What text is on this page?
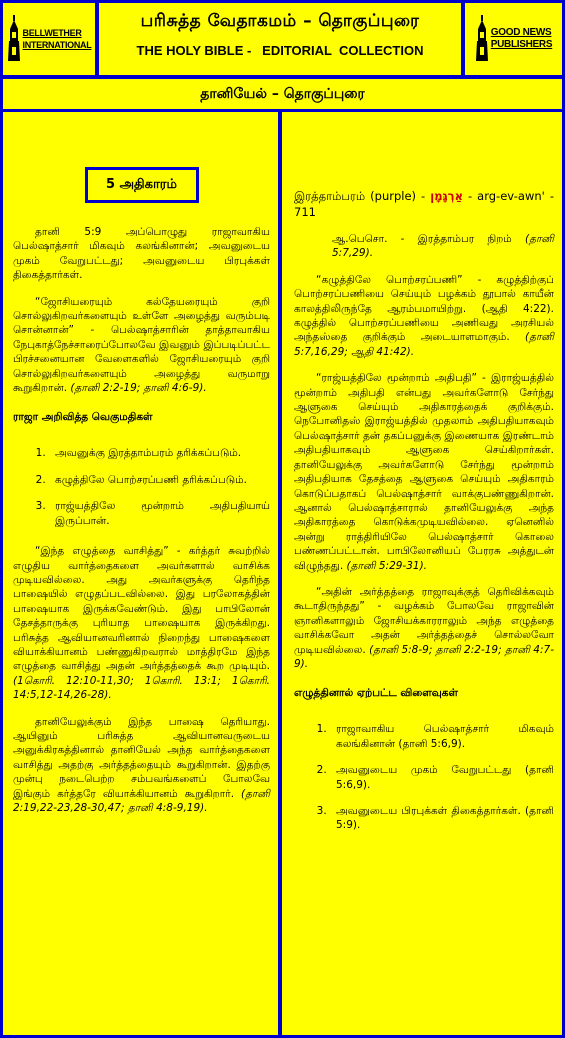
BELLWETHER
INTERNATIONAL
பரிசுத்த வேதாகமம் – தொகுப்புரை
THE HOLY BIBLE -   EDITORIAL  COLLECTION
GOOD NEWS
PUBLISHERS
தானியேல் – தொகுப்புரை
5 அதிகாரம்

தானி 5:9 அப்பொழுது ராஜாவாகிய பெல்ஷாத்சார் மிகவும் கலங்கினான்; அவனுடைய முகம் வேறுபட்டது; அவனுடைய பிரபுக்கள் திகைத்தார்கள்.

“ஜோசியரையும் கல்தேயரையும் குறி சொல்லுகிறவர்களையும் உள்ளே அழைத்து வரும்படி சொன்னான்” - பெல்ஷாத்சாரின் தாத்தாவாகிய நேபுகாத்நேச்சாரைப்போலவே இவனும் இப்படிப்பட்ட பிரச்சனையான வேளைகளில் ஜோசியரையும் குறி சொல்லுகிறவர்களையும் அழைத்து வருமாறு கூறுகிறான். (தானி 2:2-19; தானி 4:6-9).

ராஜா அறிவித்த வெகுமதிகள்
1. அவனுக்கு இரத்தாம்பரம் தரிக்கப்படும்.
2. கழுத்திலே பொற்சரப்பணி தரிக்கப்படும்.
3. ராஜ்யத்திலே மூன்றாம் அதிபதியாய் இருப்பான்.

“இந்த எழுத்தை வாசித்து” - கர்த்தர் சுவற்றில் எழுதிய வார்த்தைகளை அவர்களால் வாசிக்க முடியவில்லை. அது அவர்களுக்கு தெரிந்த பாஷையில் எழுதப்படவில்லை. இது பரலோகத்தின் பாஷையாக இருக்கவேண்டும். இது பாபிலோன் தேசத்தாருக்கு புரியாத பாஷையாக இருக்கிறது. பரிசுத்த ஆவியானவரினால் நிறைந்து பாஷைகளை வியாக்கியானம் பண்ணுகிறவரால் மாத்திரமே இந்த எழுத்தை வாசித்து அதன் அர்த்தத்தைக் கூற முடியும். (1கொரி. 12:10-11,30; 1கொரி. 13:1; 1கொரி. 14:5,12-14,26-28).

தானியேலுக்கும் இந்த பாஷை தெரியாது. ஆயினும் பரிசுத்த ஆவியானவருடைய அனுக்கிரகத்தினால் தானியேல் அந்த வார்த்தைகளை வாசித்து அதற்கு அர்த்தத்தையும் கூறுகிறான். இதற்கு முன்பு நடைபெற்ற சம்பவங்களைப் போலவே இங்கும் கர்த்தரே வியாக்கியானம் கூறுகிறார். (தானி 2:19,22-23,28-30,47; தானி 4:8-9,19).

இரத்தாம்பரம் (purple) - אַרְגָּמָן - arg-ev-awn' - 711

ஆ.பெசொ. - இரத்தாம்பர நிறம் (தானி 5:7,29).

“கழுத்திலே பொற்சரப்பணி” - கழுத்திற்குப் பொற்சரப்பணியை செய்யும் பழக்கம் தூபால் காயீன் காலத்திலிருந்தே ஆரம்பமாயிற்று. (ஆதி 4:22). கழுத்தில் பொற்சரப்பணியை அணிவது அரசியல் அந்தஸ்தை குறிக்கும் அடையாளமாகும். (தானி 5:7,16,29; ஆதி 41:42).

“ராஜ்யத்திலே மூன்றாம் அதிபதி” - இராஜ்யத்தில் மூன்றாம் அதிபதி என்பது அவர்களோடு சேர்ந்து ஆளுகை செய்யும் அதிகாரத்தைக் குறிக்கும். நெபோனிதஸ் இராஜ்யத்தில் முதலாம் அதிபதியாகவும் பெல்ஷாத்சார் தன் தகப்பனுக்கு இணையாக இரண்டாம் அதிபதியாகவும் ஆளுகை செய்கிறார்கள். தானியேலுக்கு அவர்களோடு சேர்ந்து மூன்றாம் அதிபதியாக தேசத்தை ஆளுகை செய்யும் அதிகாரம் கொடுப்பதாகப் பெல்ஷாத்சார் வாக்குபண்ணுகிறான். ஆனால் பெல்ஷாத்சாரால் தானியேலுக்கு அந்த அதிகாரத்தை கொடுக்கமுடியவில்லை. ஏனெனில் அன்று ராத்திரியிலே பெல்ஷாத்சார் கொலை பண்ணப்பட்டான். பாபிலோனியப் பேரரசு அத்துடன் விழுந்தது. (தானி 5:29-31).

“அதின் அர்த்தத்தை ராஜாவுக்குத் தெரிவிக்கவும் கூடாதிருந்தது” - வழக்கம் போலவே ராஜாவின் ஞானிகளாலும் ஜோசியக்காரராலும் அந்த எழுத்தை வாசிக்கவோ அதன் அர்த்தத்தைச் சொல்லவோ முடியவில்லை. (தானி 5:8-9; தானி 2:2-19; தானி 4:7-9).

எழுத்தினால் ஏற்பட்ட விளைவுகள்
1. ராஜாவாகிய பெல்ஷாத்சார் மிகவும் கலங்கினான் (தானி 5:6,9).
2. அவனுடைய முகம் வேறுபட்டது (தானி 5:6,9).
3. அவனுடைய பிரபுக்கள் திகைத்தார்கள். (தானி 5:9).
